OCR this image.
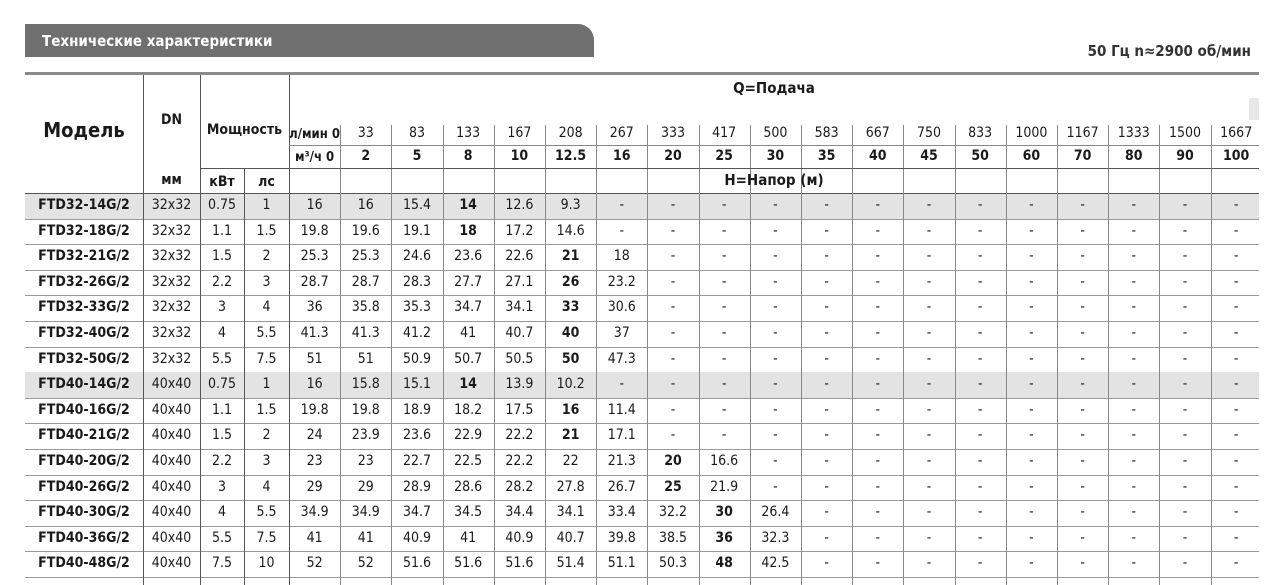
Технические характеристики
50 Гц n≈2900 об/мин
Модель	DN
мм
Мощность
кВт	лс
Q=Подача
л/мин 0
м³/ч 0
H=Напор (м)
33	83	133	167	208	267	333	417	500	583	667	750	833	1000	1167	1333	1500	1667
2	5	8	10	12.5	16	20	25	30	35	40	45	50	60	70	80	90	100
FTD32-14G/2	32x32	0.75	1	16	16	15.4	14	12.6	9.3	-	-	-	-	-	-	-	-	-	-	-	-	-
FTD32-18G/2	32x32	1.1	1.5	19.8	19.6	19.1	18	17.2	14.6	-	-	-	-	-	-	-	-	-	-	-	-	-
FTD32-21G/2	32x32	1.5	2	25.3	25.3	24.6	23.6	22.6	21	18	-	-	-	-	-	-	-	-	-	-	-	-
FTD32-26G/2	32x32	2.2	3	28.7	28.7	28.3	27.7	27.1	26	23.2	-	-	-	-	-	-	-	-	-	-	-	-
FTD32-33G/2	32x32	3	4	36	35.8	35.3	34.7	34.1	33	30.6	-	-	-	-	-	-	-	-	-	-	-	-
FTD32-40G/2	32x32	4	5.5	41.3	41.3	41.2	41	40.7	40	37	-	-	-	-	-	-	-	-	-	-	-	-
FTD32-50G/2	32x32	5.5	7.5	51	51	50.9	50.7	50.5	50	47.3	-	-	-	-	-	-	-	-	-	-	-	-
FTD40-14G/2	40x40	0.75	1	16	15.8	15.1	14	13.9	10.2	-	-	-	-	-	-	-	-	-	-	-	-	-
FTD40-16G/2	40x40	1.1	1.5	19.8	19.8	18.9	18.2	17.5	16	11.4	-	-	-	-	-	-	-	-	-	-	-	-
FTD40-21G/2	40x40	1.5	2	24	23.9	23.6	22.9	22.2	21	17.1	-	-	-	-	-	-	-	-	-	-	-	-
FTD40-20G/2	40x40	2.2	3	23	23	22.7	22.5	22.2	22	21.3	20	16.6	-	-	-	-	-	-	-	-	-	-
FTD40-26G/2	40x40	3	4	29	29	28.9	28.6	28.2	27.8	26.7	25	21.9	-	-	-	-	-	-	-	-	-	-
FTD40-30G/2	40x40	4	5.5	34.9	34.9	34.7	34.5	34.4	34.1	33.4	32.2	30	26.4	-	-	-	-	-	-	-	-	-
FTD40-36G/2	40x40	5.5	7.5	41	41	40.9	41	40.9	40.7	39.8	38.5	36	32.3	-	-	-	-	-	-	-	-	-
FTD40-48G/2	40x40	7.5	10	52	52	51.6	51.6	51.6	51.4	51.1	50.3	48	42.5	-	-	-	-	-	-	-	-	-
